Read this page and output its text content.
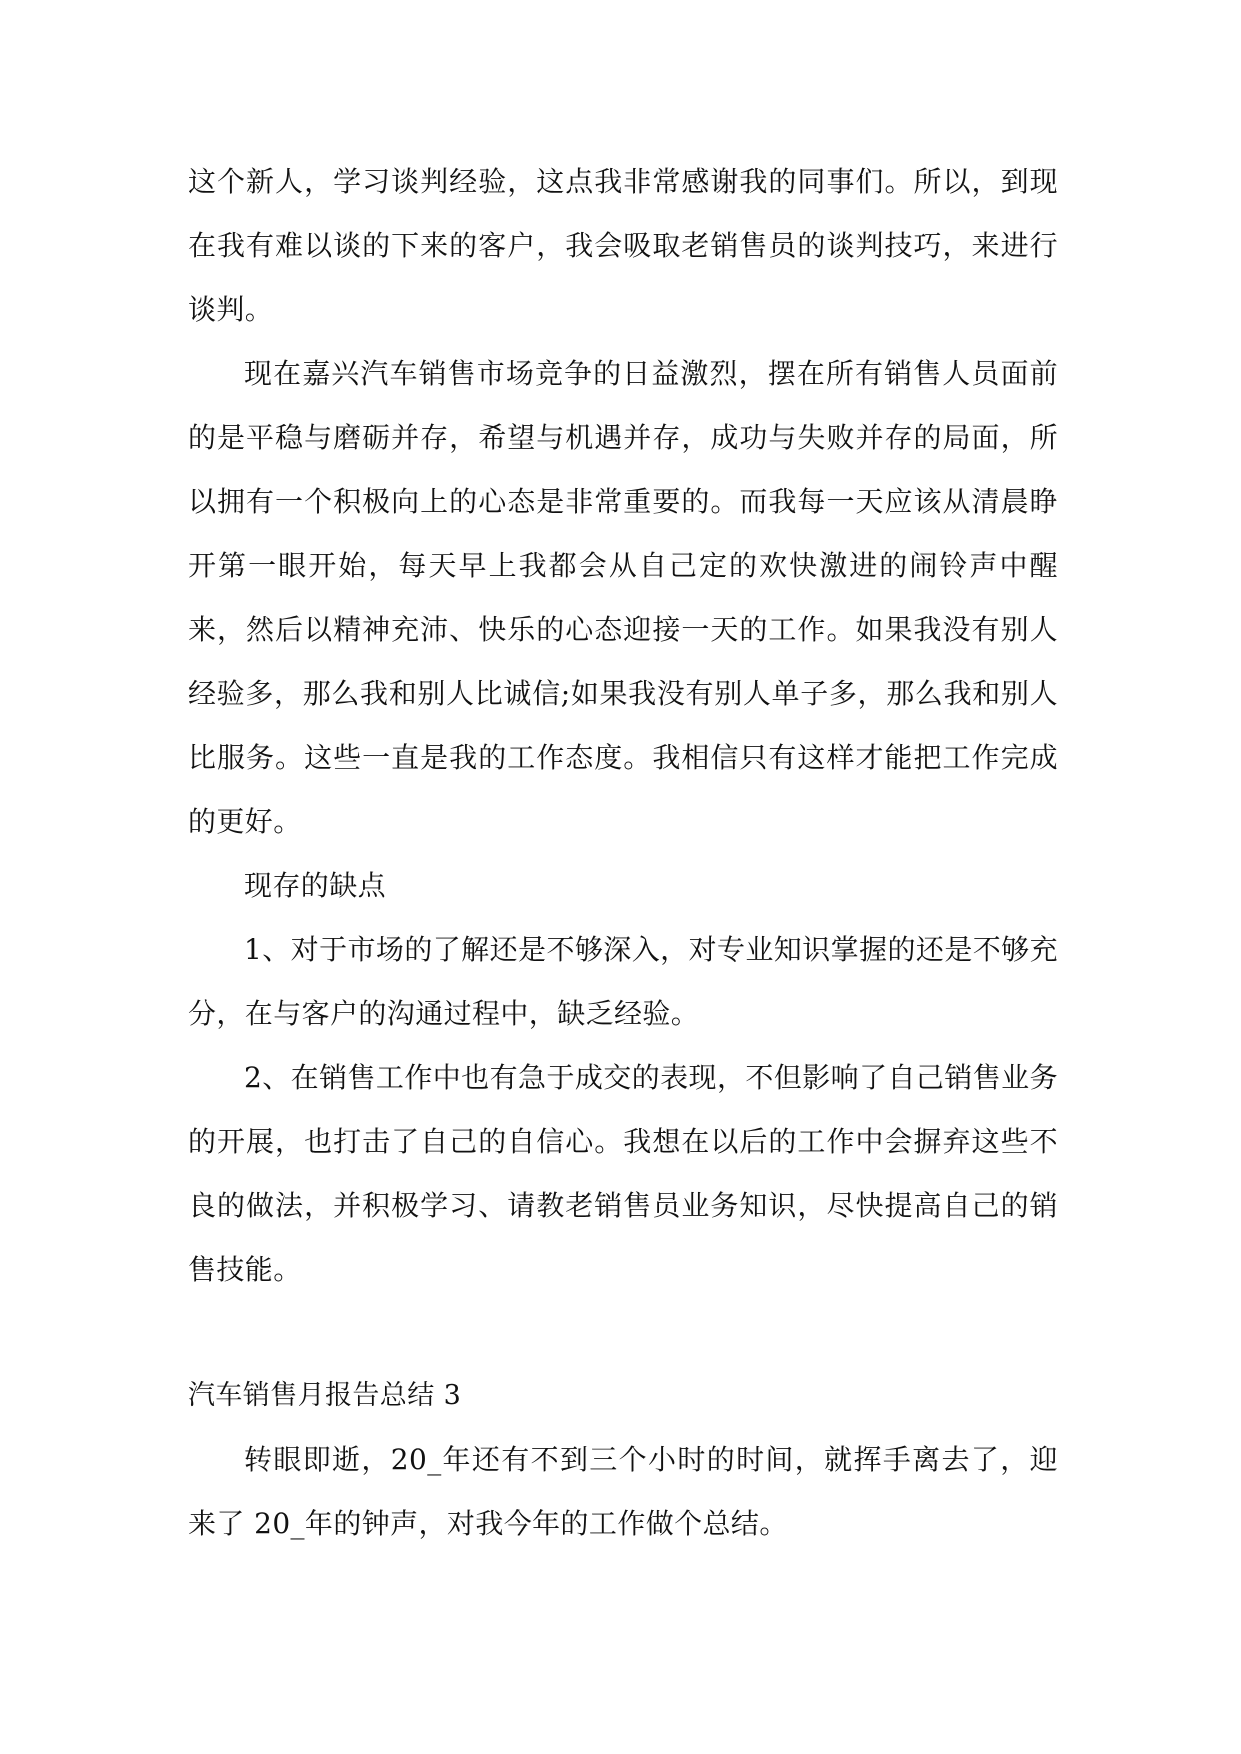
这个新人，学习谈判经验，这点我非常感谢我的同事们。所以，到现在我有难以谈的下来的客户，我会吸取老销售员的谈判技巧，来进行谈判。

现在嘉兴汽车销售市场竞争的日益激烈，摆在所有销售人员面前的是平稳与磨砺并存，希望与机遇并存，成功与失败并存的局面，所以拥有一个积极向上的心态是非常重要的。而我每一天应该从清晨睁开第一眼开始，每天早上我都会从自己定的欢快激进的闹铃声中醒来，然后以精神充沛、快乐的心态迎接一天的工作。如果我没有别人经验多，那么我和别人比诚信;如果我没有别人单子多，那么我和别人比服务。这些一直是我的工作态度。我相信只有这样才能把工作完成的更好。

现存的缺点

1、对于市场的了解还是不够深入，对专业知识掌握的还是不够充分，在与客户的沟通过程中，缺乏经验。

2、在销售工作中也有急于成交的表现，不但影响了自己销售业务的开展，也打击了自己的自信心。我想在以后的工作中会摒弃这些不良的做法，并积极学习、请教老销售员业务知识，尽快提高自己的销售技能。

汽车销售月报告总结 3

转眼即逝，20_年还有不到三个小时的时间，就挥手离去了，迎来了 20_年的钟声，对我今年的工作做个总结。
